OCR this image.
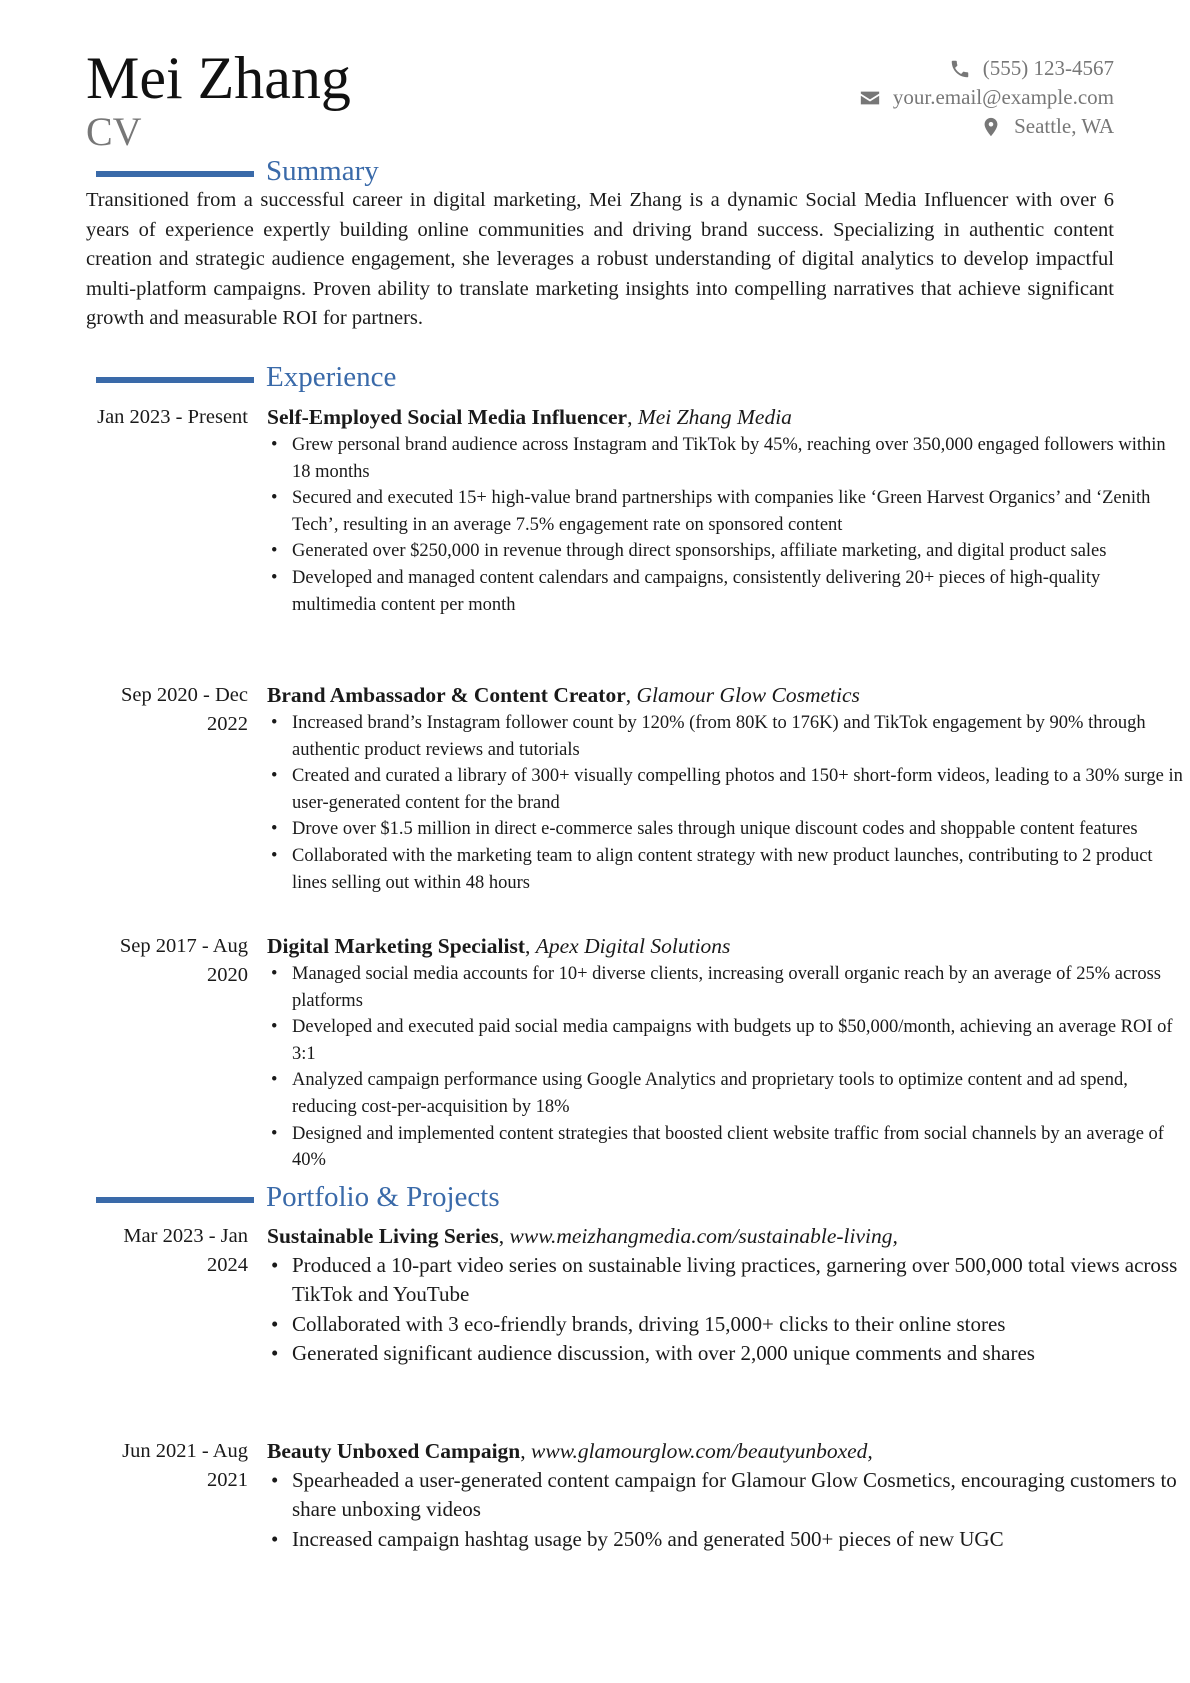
Mei Zhang
CV
(555) 123-4567
your.email@example.com
Seattle, WA
Summary
Transitioned from a successful career in digital marketing, Mei Zhang is a dynamic Social Media Influencer with over 6 years of experience expertly building online communities and driving brand success. Specializing in authentic content creation and strategic audience engagement, she leverages a robust understanding of digital analytics to develop impactful multi-platform campaigns. Proven ability to translate marketing insights into compelling narratives that achieve significant growth and measurable ROI for partners.
Experience
Jan 2023 - Present Self-Employed Social Media Influencer, Mei Zhang Media
• Grew personal brand audience across Instagram and TikTok by 45%, reaching over 350,000 engaged followers within 18 months
• Secured and executed 15+ high-value brand partnerships with companies like ‘Green Harvest Organics’ and ‘Zenith Tech’, resulting in an average 7.5% engagement rate on sponsored content
• Generated over $250,000 in revenue through direct sponsorships, affiliate marketing, and digital product sales
• Developed and managed content calendars and campaigns, consistently delivering 20+ pieces of high-quality multimedia content per month
Sep 2020 - Dec 2022
Brand Ambassador & Content Creator, Glamour Glow Cosmetics
• Increased brand’s Instagram follower count by 120% (from 80K to 176K) and TikTok engagement by 90% through authentic product reviews and tutorials
• Created and curated a library of 300+ visually compelling photos and 150+ short-form videos, leading to a 30% surge in user-generated content for the brand
• Drove over $1.5 million in direct e-commerce sales through unique discount codes and shoppable content features
• Collaborated with the marketing team to align content strategy with new product launches, contributing to 2 product lines selling out within 48 hours
Sep 2017 - Aug 2020
Digital Marketing Specialist, Apex Digital Solutions
• Managed social media accounts for 10+ diverse clients, increasing overall organic reach by an average of 25% across platforms
• Developed and executed paid social media campaigns with budgets up to $50,000/month, achieving an average ROI of 3:1
• Analyzed campaign performance using Google Analytics and proprietary tools to optimize content and ad spend, reducing cost-per-acquisition by 18%
• Designed and implemented content strategies that boosted client website traffic from social channels by an average of 40%
Portfolio & Projects
Mar 2023 - Jan 2024
Sustainable Living Series, www.meizhangmedia.com/sustainable-living,
• Produced a 10-part video series on sustainable living practices, garnering over 500,000 total views across TikTok and YouTube
• Collaborated with 3 eco-friendly brands, driving 15,000+ clicks to their online stores
• Generated significant audience discussion, with over 2,000 unique comments and shares
Jun 2021 - Aug 2021
Beauty Unboxed Campaign, www.glamourglow.com/beautyunboxed,
• Spearheaded a user-generated content campaign for Glamour Glow Cosmetics, encouraging customers to share unboxing videos
• Increased campaign hashtag usage by 250% and generated 500+ pieces of new UGC
